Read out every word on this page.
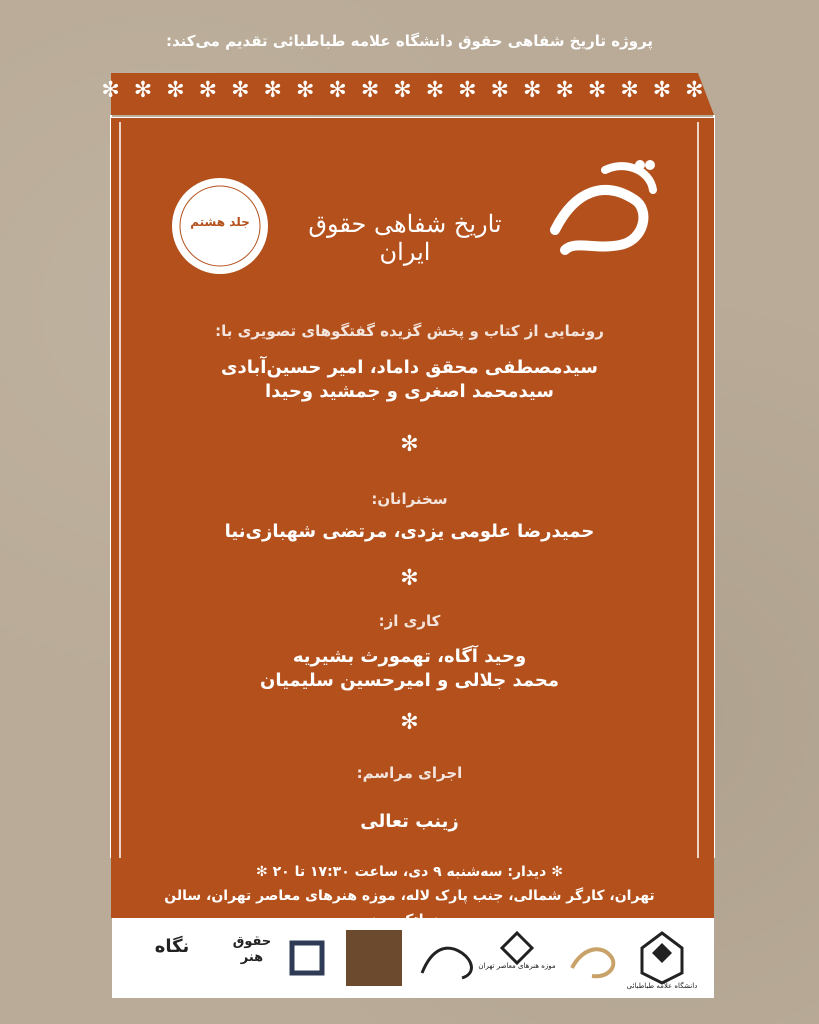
پروژه تاریخ شفاهی حقوق دانشگاه علامه طباطبائی تقدیم می‌کند:
✻✻✻✻✻✻✻✻✻✻✻✻✻✻✻✻✻✻✻
جلد هشتم	تاریخ شفاهی حقوق ایران
رونمایی از کتاب و پخش گزیده گفتگوهای تصویری با:
سیدمصطفی محقق داماد، امیر حسین‌آبادی
سیدمحمد اصغری و جمشید وحیدا
✻
سخنرانان:
حمیدرضا علومی یزدی، مرتضی شهبازی‌نیا
✻
کاری از:
وحید آگاه، تهمورث بشیریه
محمد جلالی و امیرحسین سلیمیان
✻
اجرای مراسم:
زینب تعالی
✻ دیدار: سه‌شنبه ۹ دی، ساعت ۱۷:۳۰ تا ۲۰ ✻
تهران، کارگر شمالی، جنب پارک لاله، موزه هنرهای معاصر تهران، سالن
دانشگاه علامه طباطبائی
موزه هنرهای معاصر تهران
حقوق هنر
نگاه
